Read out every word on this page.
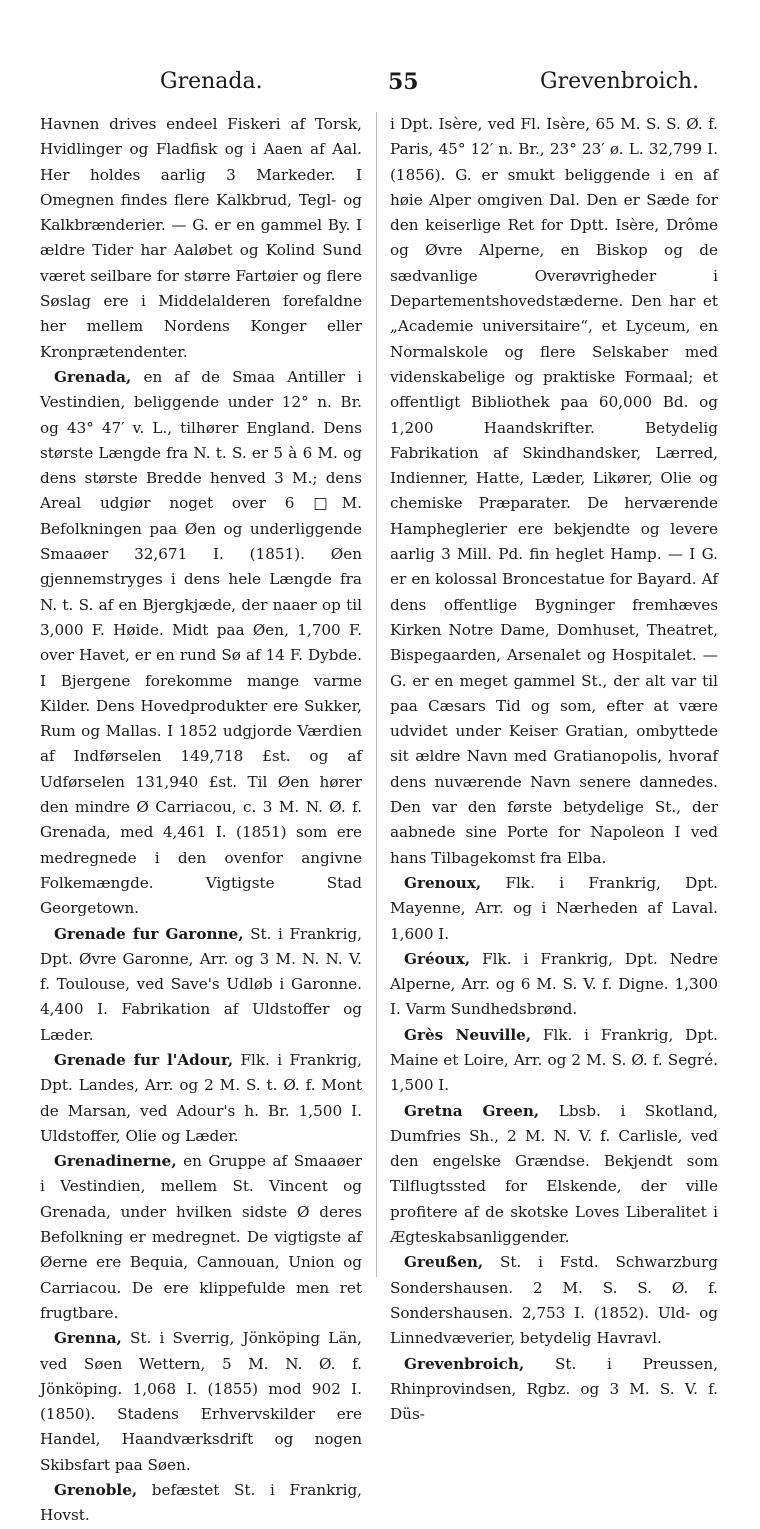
Grenada.	55	Grevenbroich.

Havnen drives endeel Fiskeri af Torsk, Hvidlinger og Fladfisk og i Aaen af Aal. Her holdes aarlig 3 Markeder. I Omegnen findes flere Kalkbrud, Tegl- og Kalkbrænderier. — G. er en gammel By. I ældre Tider har Aaløbet og Kolind Sund været seilbare for større Fartøier og flere Søslag ere i Middelalderen forefaldne her mellem Nordens Konger eller Kronprætendenter.

Grenada, en af de Smaa Antiller i Vestindien, beliggende under 12° n. Br. og 43° 47′ v. L., tilhører England. Dens største Længde fra N. t. S. er 5 à 6 M. og dens største Bredde henved 3 M.; dens Areal udgiør noget over 6 □M. Befolkningen paa Øen og underliggende Smaaøer 32,671 I. (1851). Øen gjennemstryges i dens hele Længde fra N. t. S. af en Bjergkjæde, der naaer op til 3,000 F. Høide. Midt paa Øen, 1,700 F. over Havet, er en rund Sø af 14 F. Dybde. I Bjergene forekomme mange varme Kilder. Dens Hovedprodukter ere Sukker, Rum og Mallas. I 1852 udgjorde Værdien af Indførselen 149,718 £st. og af Udførselen 131,940 £st. Til Øen hører den mindre Ø Carriacou, c. 3 M. N. Ø. f. Grenada, med 4,461 I. (1851) som ere medregnede i den ovenfor angivne Folkemængde. Vigtigste Stad Georgetown.

Grenade fur Garonne, St. i Frankrig, Dpt. Øvre Garonne, Arr. og 3 M. N. N. V. f. Toulouse, ved Save's Udløb i Garonne. 4,400 I. Fabrikation af Uldstoffer og Læder.

Grenade fur l'Adour, Flk. i Frankrig, Dpt. Landes, Arr. og 2 M. S. t. Ø. f. Mont de Marsan, ved Adour's h. Br. 1,500 I. Uldstoffer, Olie og Læder.

Grenadinerne, en Gruppe af Smaaøer i Vestindien, mellem St. Vincent og Grenada, under hvilken sidste Ø deres Befolkning er medregnet. De vigtigste af Øerne ere Bequia, Cannouan, Union og Carriacou. De ere klippefulde men ret frugtbare.

Grenna, St. i Sverrig, Jönköping Län, ved Søen Wettern, 5 M. N. Ø. f. Jönköping. 1,068 I. (1855) mod 902 I. (1850). Stadens Erhvervskilder ere Handel, Haandværksdrift og nogen Skibsfart paa Søen.

Grenoble, befæstet St. i Frankrig, Hovst.

i Dpt. Isère, ved Fl. Isère, 65 M. S. S. Ø. f. Paris, 45° 12′ n. Br., 23° 23′ ø. L. 32,799 I. (1856). G. er smukt beliggende i en af høie Alper omgiven Dal. Den er Sæde for den keiserlige Ret for Dptt. Isère, Drôme og Øvre Alperne, en Biskop og de sædvanlige Overøvrigheder i Departementshovedstæderne. Den har et „Academie universitaire“, et Lyceum, en Normalskole og flere Selskaber med videnskabelige og praktiske Formaal; et offentligt Bibliothek paa 60,000 Bd. og 1,200 Haandskrifter. Betydelig Fabrikation af Skindhandsker, Lærred, Indienner, Hatte, Læder, Likører, Olie og chemiske Præparater. De herværende Hampheglerier ere bekjendte og levere aarlig 3 Mill. Pd. fin heglet Hamp. — I G. er en kolossal Broncestatue for Bayard. Af dens offentlige Bygninger fremhæves Kirken Notre Dame, Domhuset, Theatret, Bispegaarden, Arsenalet og Hospitalet. — G. er en meget gammel St., der alt var til paa Cæsars Tid og som, efter at være udvidet under Keiser Gratian, ombyttede sit ældre Navn med Gratianopolis, hvoraf dens nuværende Navn senere dannedes. Den var den første betydelige St., der aabnede sine Porte for Napoleon I ved hans Tilbagekomst fra Elba.

Grenoux, Flk. i Frankrig, Dpt. Mayenne, Arr. og i Nærheden af Laval. 1,600 I.

Gréoux, Flk. i Frankrig, Dpt. Nedre Alperne, Arr. og 6 M. S. V. f. Digne. 1,300 I. Varm Sundhedsbrønd.

Grès Neuville, Flk. i Frankrig, Dpt. Maine et Loire, Arr. og 2 M. S. Ø. f. Segré. 1,500 I.

Gretna Green, Lbsb. i Skotland, Dumfries Sh., 2 M. N. V. f. Carlisle, ved den engelske Grændse. Bekjendt som Tilflugtssted for Elskende, der ville profitere af de skotske Loves Liberalitet i Ægteskabsanliggender.

Greußen, St. i Fstd. Schwarzburg Sondershausen. 2 M. S. S. Ø. f. Sondershausen. 2,753 I. (1852). Uld- og Linnedvæverier, betydelig Havravl.

Grevenbroich, St. i Preussen, Rhinprovindsen, Rgbz. og 3 M. S. V. f. Düs-
